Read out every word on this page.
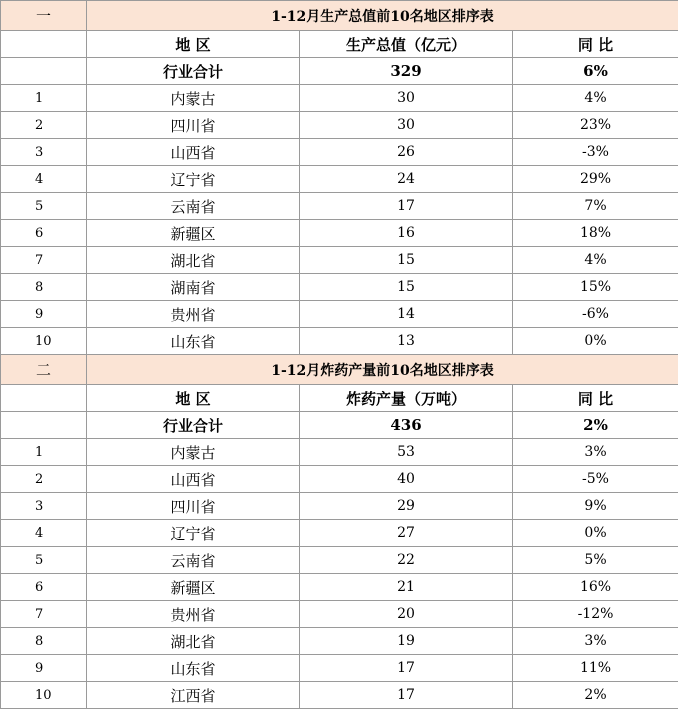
一	1-12月生产总值前10名地区排序表		
	地 区	生产总值（亿元）	同 比
	行业合计	329	6%
1	内蒙古	30	4%
2	四川省	30	23%
3	山西省	26	-3%
4	辽宁省	24	29%
5	云南省	17	7%
6	新疆区	16	18%
7	湖北省	15	4%
8	湖南省	15	15%
9	贵州省	14	-6%
10	山东省	13	0%
二	1-12月炸药产量前10名地区排序表		
	地 区	炸药产量（万吨）	同 比
	行业合计	436	2%
1	内蒙古	53	3%
2	山西省	40	-5%
3	四川省	29	9%
4	辽宁省	27	0%
5	云南省	22	5%
6	新疆区	21	16%
7	贵州省	20	-12%
8	湖北省	19	3%
9	山东省	17	11%
10	江西省	17	2%
